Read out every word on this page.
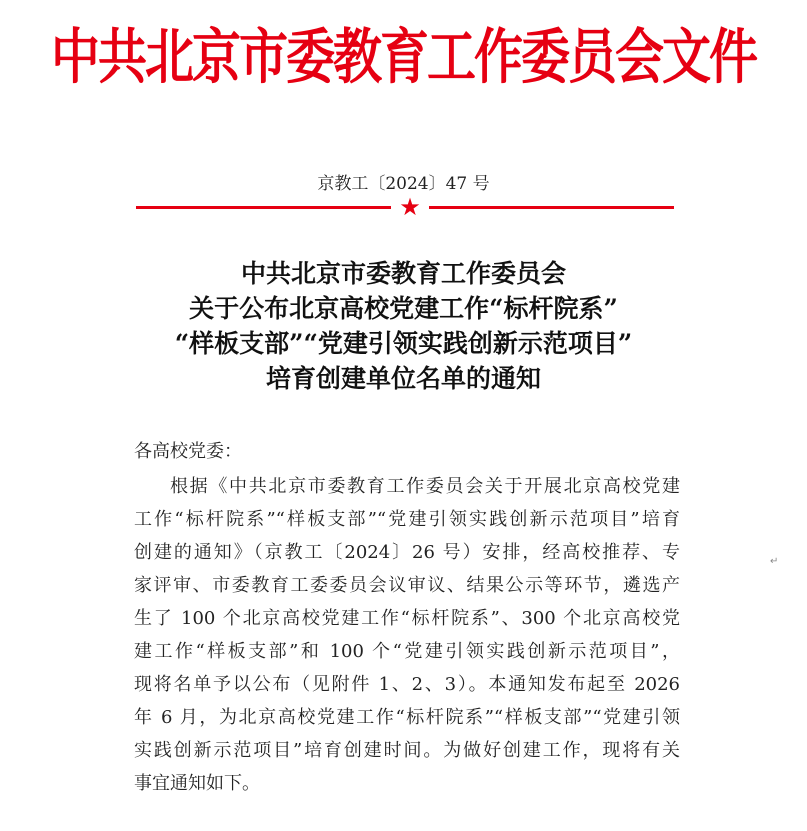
中共北京市委教育工作委员会文件
京教工〔2024〕47 号
★
中共北京市委教育工作委员会
关于公布北京高校党建工作“标杆院系”
“样板支部”“党建引领实践创新示范项目”
培育创建单位名单的通知
各高校党委：
根据《中共北京市委教育工作委员会关于开展北京高校党建
工作“标杆院系”“样板支部”“党建引领实践创新示范项目”培育
创建的通知》（京教工〔2024〕26 号）安排，经高校推荐、专
家评审、市委教育工委委员会议审议、结果公示等环节，遴选产
生了 100 个北京高校党建工作“标杆院系”、300 个北京高校党
建工作“样板支部”和 100 个“党建引领实践创新示范项目”，
现将名单予以公布（见附件 1、2、3）。本通知发布起至 2026
年 6 月，为北京高校党建工作“标杆院系”“样板支部”“党建引领
实践创新示范项目”培育创建时间。为做好创建工作，现将有关
事宜通知如下。
↵
